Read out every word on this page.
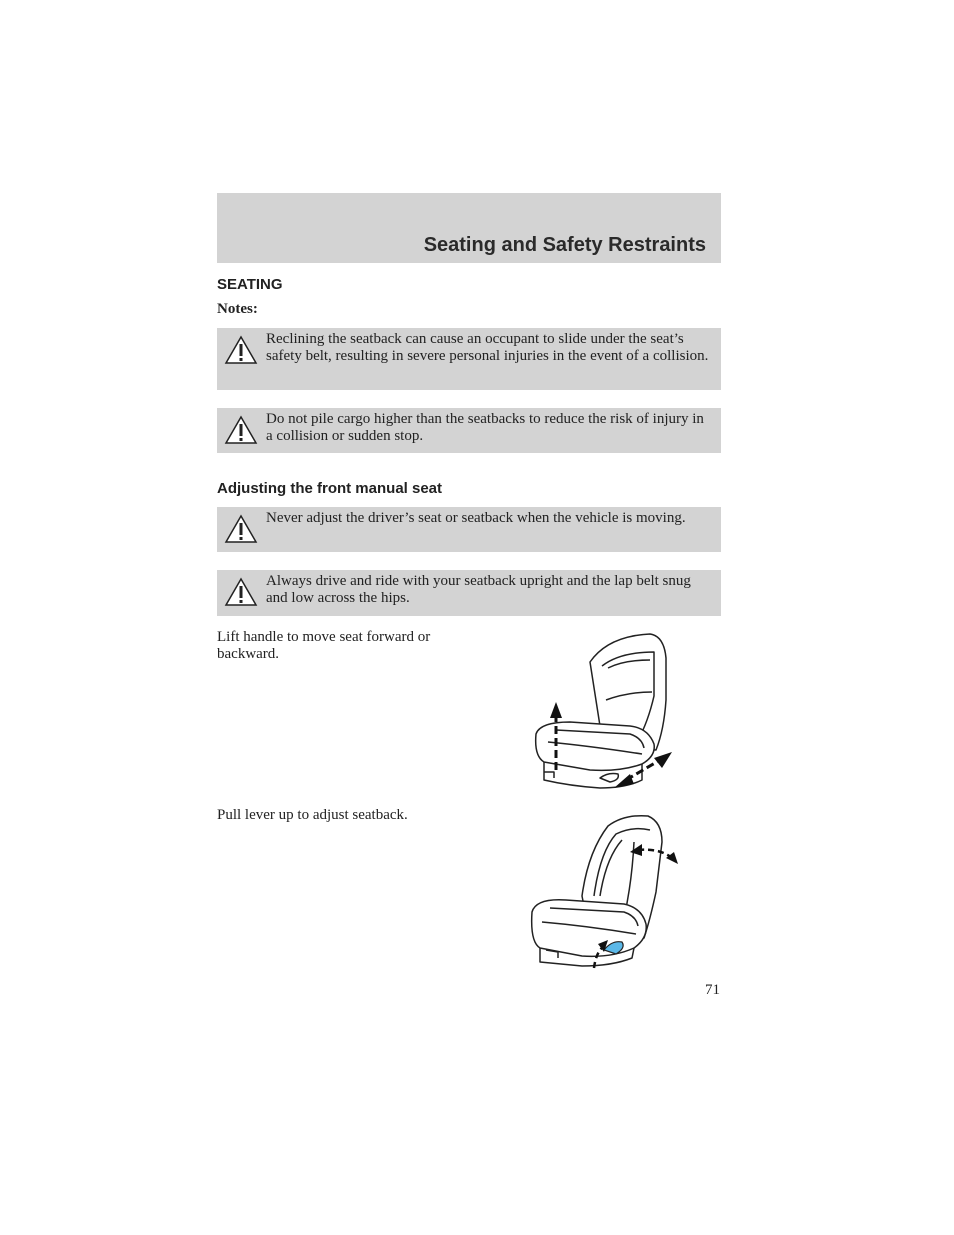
Seating and Safety Restraints
SEATING
Notes:
Reclining the seatback can cause an occupant to slide under the seat’s safety belt, resulting in severe personal injuries in the event of a collision.
Do not pile cargo higher than the seatbacks to reduce the risk of injury in a collision or sudden stop.
Adjusting the front manual seat
Never adjust the driver’s seat or seatback when the vehicle is moving.
Always drive and ride with your seatback upright and the lap belt snug and low across the hips.
Lift handle to move seat forward or backward.
Pull lever up to adjust seatback.
71
